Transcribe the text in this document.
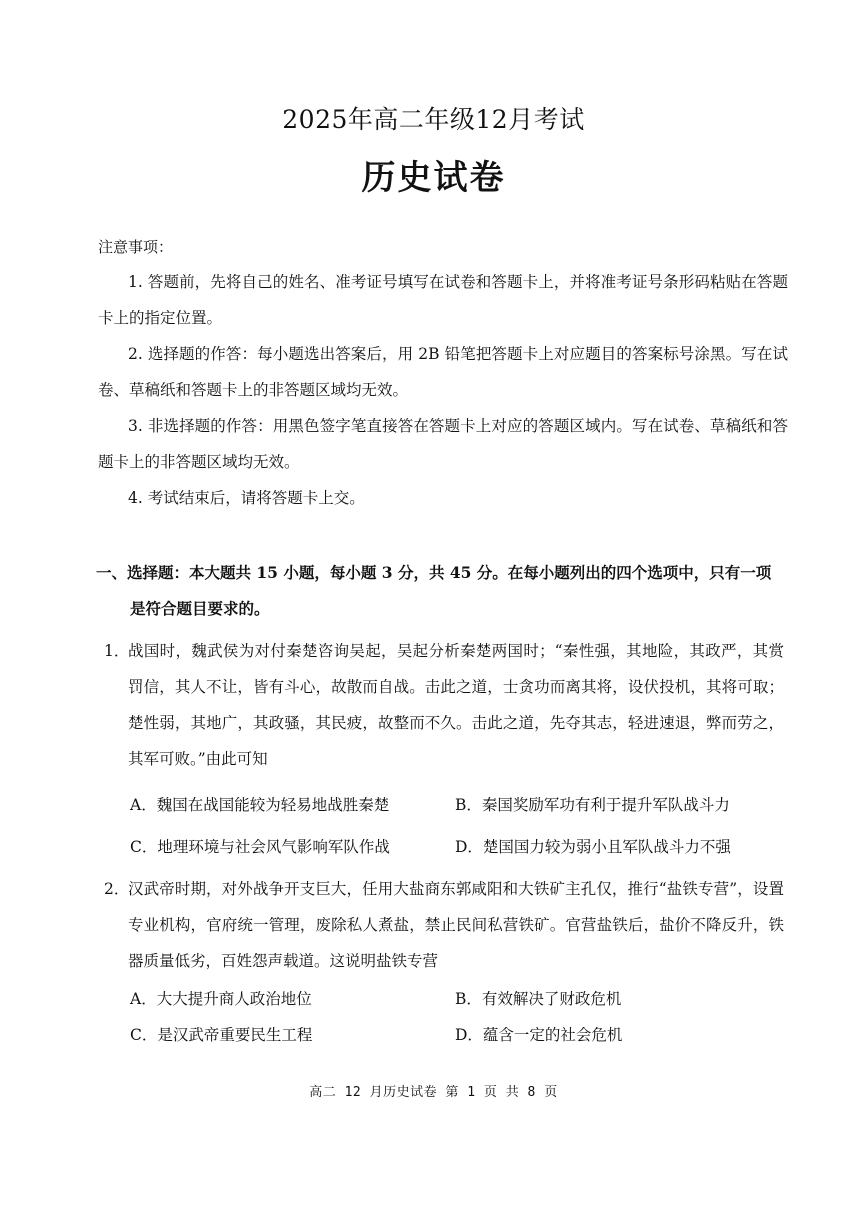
2025年高二年级12月考试
历史试卷
注意事项：
1. 答题前，先将自己的姓名、准考证号填写在试卷和答题卡上，并将准考证号条形码粘贴在答题卡上的指定位置。
2. 选择题的作答：每小题选出答案后，用 2B 铅笔把答题卡上对应题目的答案标号涂黑。写在试卷、草稿纸和答题卡上的非答题区域均无效。
3. 非选择题的作答：用黑色签字笔直接答在答题卡上对应的答题区域内。写在试卷、草稿纸和答题卡上的非答题区域均无效。
4. 考试结束后，请将答题卡上交。
一、选择题：本大题共 15 小题，每小题 3 分，共 45 分。在每小题列出的四个选项中，只有一项
是符合题目要求的。
1．
战国时，魏武侯为对付秦楚咨询吴起，吴起分析秦楚两国时；“秦性强，其地险，其政严，其赏罚信，其人不让，皆有斗心，故散而自战。击此之道，士贪功而离其将，设伏投机，其将可取；楚性弱，其地广，其政骚，其民疲，故整而不久。击此之道，先夺其志，轻进速退，弊而劳之，其军可败。”由此可知
A．魏国在战国能较为轻易地战胜秦楚	B．秦国奖励军功有利于提升军队战斗力
C．地理环境与社会风气影响军队作战	D．楚国国力较为弱小且军队战斗力不强
2．
汉武帝时期，对外战争开支巨大，任用大盐商东郭咸阳和大铁矿主孔仅，推行“盐铁专营”，设置专业机构，官府统一管理，废除私人煮盐，禁止民间私营铁矿。官营盐铁后，盐价不降反升，铁器质量低劣，百姓怨声载道。这说明盐铁专营
A．大大提升商人政治地位	B．有效解决了财政危机
C．是汉武帝重要民生工程	D．蕴含一定的社会危机
高二 12 月历史试卷 第 1 页 共 8 页
